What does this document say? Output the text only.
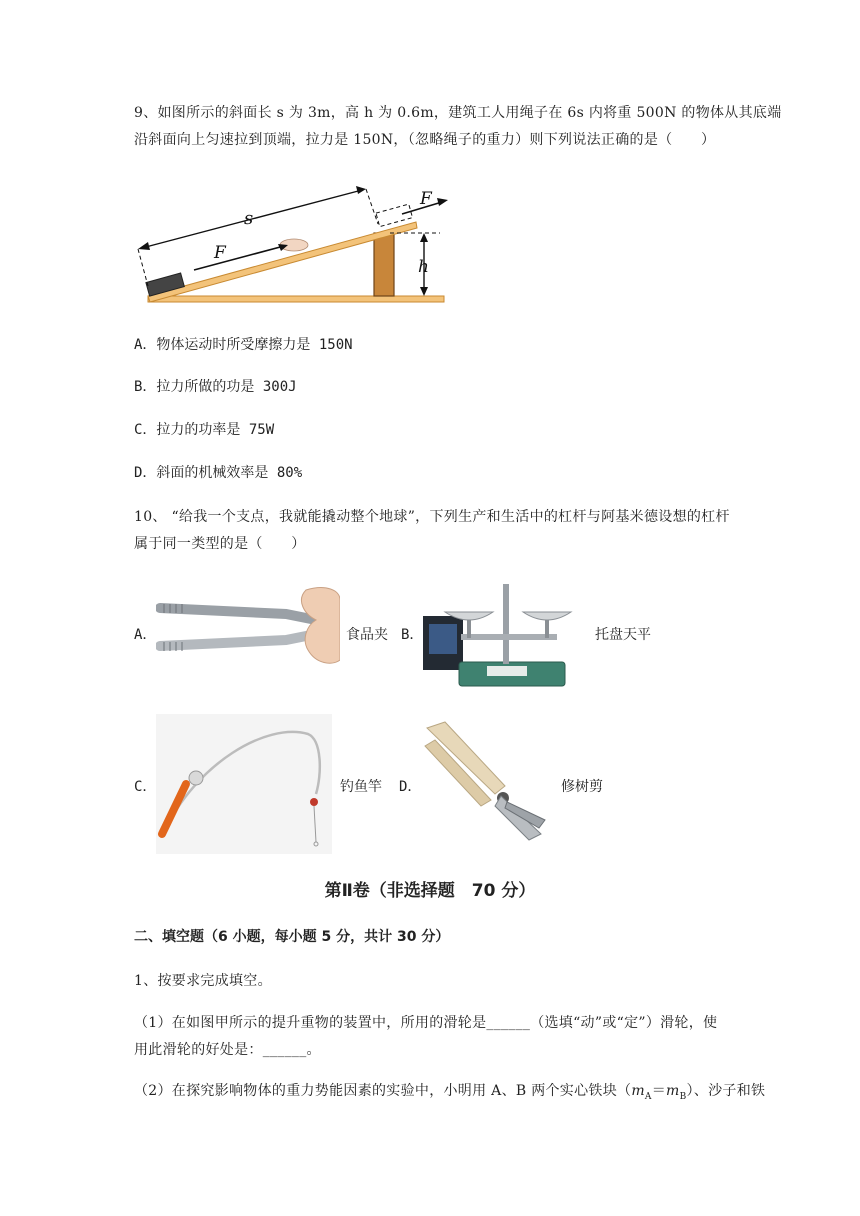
9、如图所示的斜面长 s 为 3m，高 h 为 0.6m，建筑工人用绳子在 6s 内将重 500N 的物体从其底端
沿斜面向上匀速拉到顶端，拉力是 150N，（忽略绳子的重力）则下列说法正确的是（　　）
s
F
F
h
A．物体运动时所受摩擦力是 150N
B．拉力所做的功是 300J
C．拉力的功率是 75W
D．斜面的机械效率是 80%
10、 “给我一个支点，我就能撬动整个地球”，下列生产和生活中的杠杆与阿基米德设想的杠杆
属于同一类型的是（　　）
A．	食品夹 B．	托盘天平
C．	钓鱼竿 D．	修树剪
第Ⅱ卷（非选择题　70 分）
二、填空题（6 小题，每小题 5 分，共计 30 分）
1、按要求完成填空。
（1）在如图甲所示的提升重物的装置中，所用的滑轮是______（选填“动”或“定”）滑轮，使
用此滑轮的好处是：______。
（2）在探究影响物体的重力势能因素的实验中，小明用 A、B 两个实心铁块$(m_A=m_B)$、沙子和铁
